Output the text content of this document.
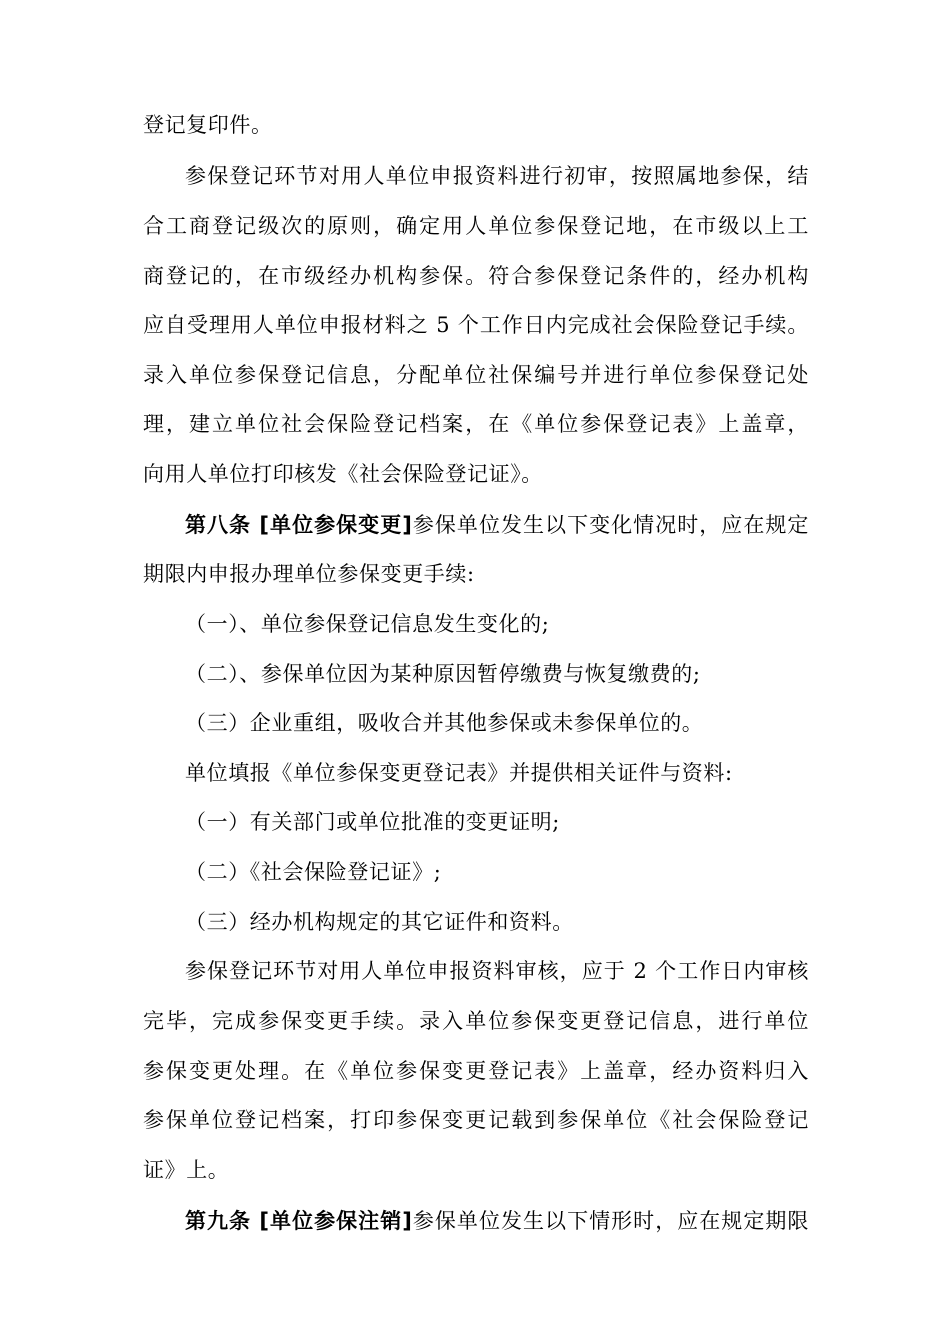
登记复印件。
参保登记环节对用人单位申报资料进行初审，按照属地参保，结
合工商登记级次的原则，确定用人单位参保登记地，在市级以上工
商登记的，在市级经办机构参保。符合参保登记条件的，经办机构
应自受理用人单位申报材料之 5 个工作日内完成社会保险登记手续。
录入单位参保登记信息，分配单位社保编号并进行单位参保登记处
理，建立单位社会保险登记档案，在《单位参保登记表》上盖章，
向用人单位打印核发《社会保险登记证》。
第八条 [单位参保变更]参保单位发生以下变化情况时，应在规定
期限内申报办理单位参保变更手续:
（一）、单位参保登记信息发生变化的;
（二）、参保单位因为某种原因暂停缴费与恢复缴费的;
（三）企业重组，吸收合并其他参保或未参保单位的。
单位填报《单位参保变更登记表》并提供相关证件与资料:
（一）有关部门或单位批准的变更证明;
（二）《社会保险登记证》;
（三）经办机构规定的其它证件和资料。
参保登记环节对用人单位申报资料审核，应于 2 个工作日内审核
完毕，完成参保变更手续。录入单位参保变更登记信息，进行单位
参保变更处理。在《单位参保变更登记表》上盖章，经办资料归入
参保单位登记档案，打印参保变更记载到参保单位《社会保险登记
证》上。
第九条 [单位参保注销]参保单位发生以下情形时，应在规定期限
